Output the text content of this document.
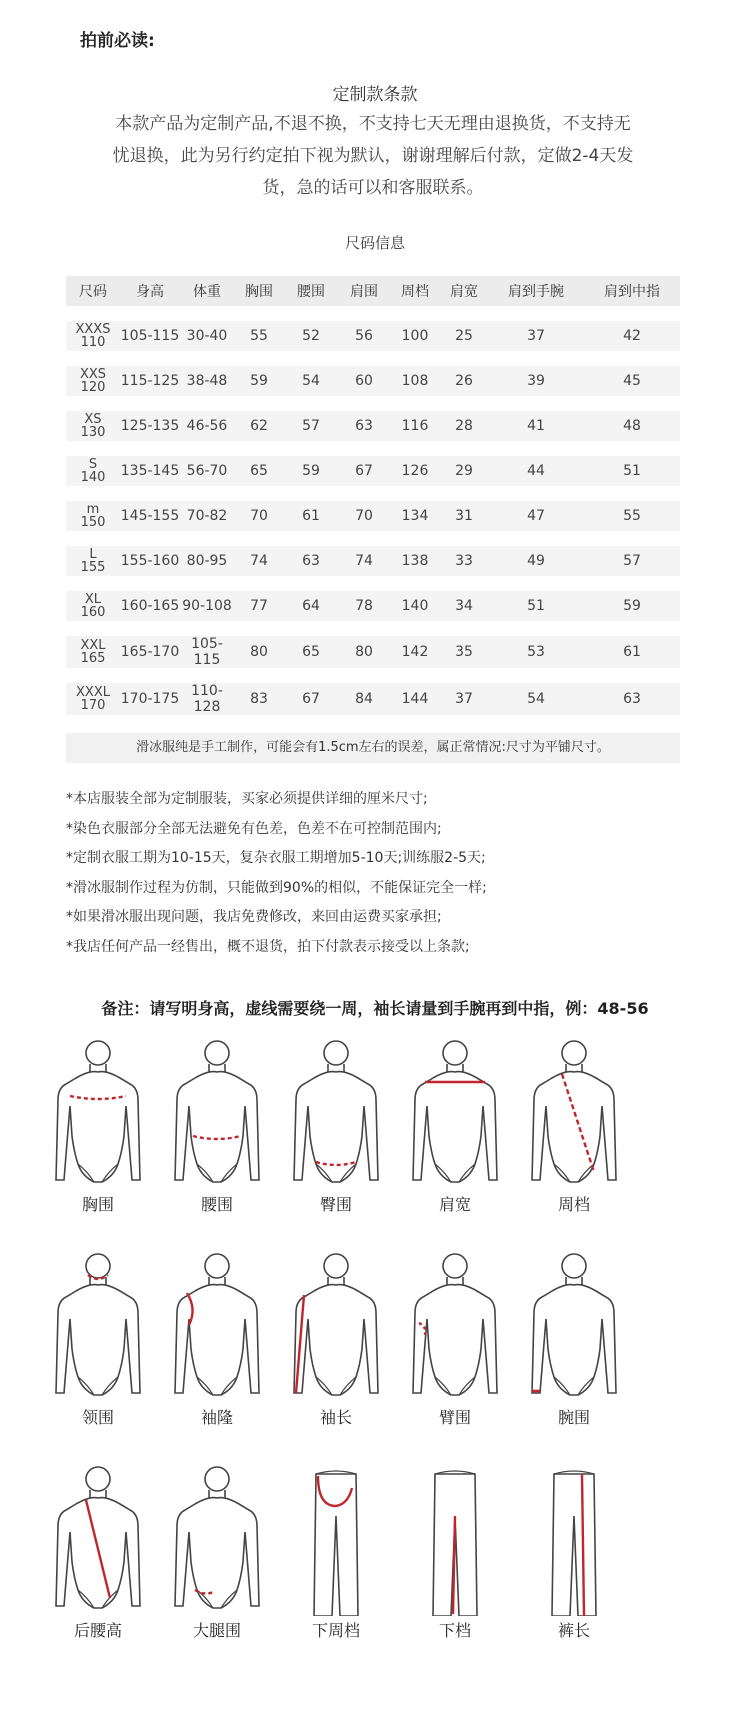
拍前必读:
定制款条款
本款产品为定制产品,不退不换，不支持七天无理由退换货，不支持无
忧退换，此为另行约定拍下视为默认，谢谢理解后付款，定做2-4天发
货，急的话可以和客服联系。
尺码信息
尺码	身高	体重	胸围	腰围	肩围	周档	肩宽	肩到手腕	肩到中指

XXXS
110	105-115	30-40	55	52	56	100	25	37	42

XXS
120	115-125	38-48	59	54	60	108	26	39	45

XS
130	125-135	46-56	62	57	63	116	28	41	48

S
140	135-145	56-70	65	59	67	126	29	44	51

m
150	145-155	70-82	70	61	70	134	31	47	55

L
155	155-160	80-95	74	63	74	138	33	49	57

XL
160	160-165	90-108	77	64	78	140	34	51	59

XXL
165	165-170	105-115	80	65	80	142	35	53	61

XXXL
170	170-175	110-128	83	67	84	144	37	54	63
滑冰服纯是手工制作，可能会有1.5cm左右的误差，属正常情况:尺寸为平铺尺寸。
*本店服装全部为定制服装，买家必须提供详细的厘米尺寸;
*染色衣服部分全部无法避免有色差，色差不在可控制范围内;
*定制衣服工期为10-15天，复杂衣服工期增加5-10天;训练服2-5天;
*滑冰服制作过程为仿制，只能做到90%的相似，不能保证完全一样;
*如果滑冰服出现问题，我店免费修改，来回由运费买家承担;
*我店任何产品一经售出，概不退货，拍下付款表示接受以上条款;
备注：请写明身高，虚线需要绕一周，袖长请量到手腕再到中指，例：48-56
胸围	腰围	臀围	肩宽	周档
领围	袖隆	袖长	臂围	腕围
后腰高	大腿围	下周档	下档	裤长
